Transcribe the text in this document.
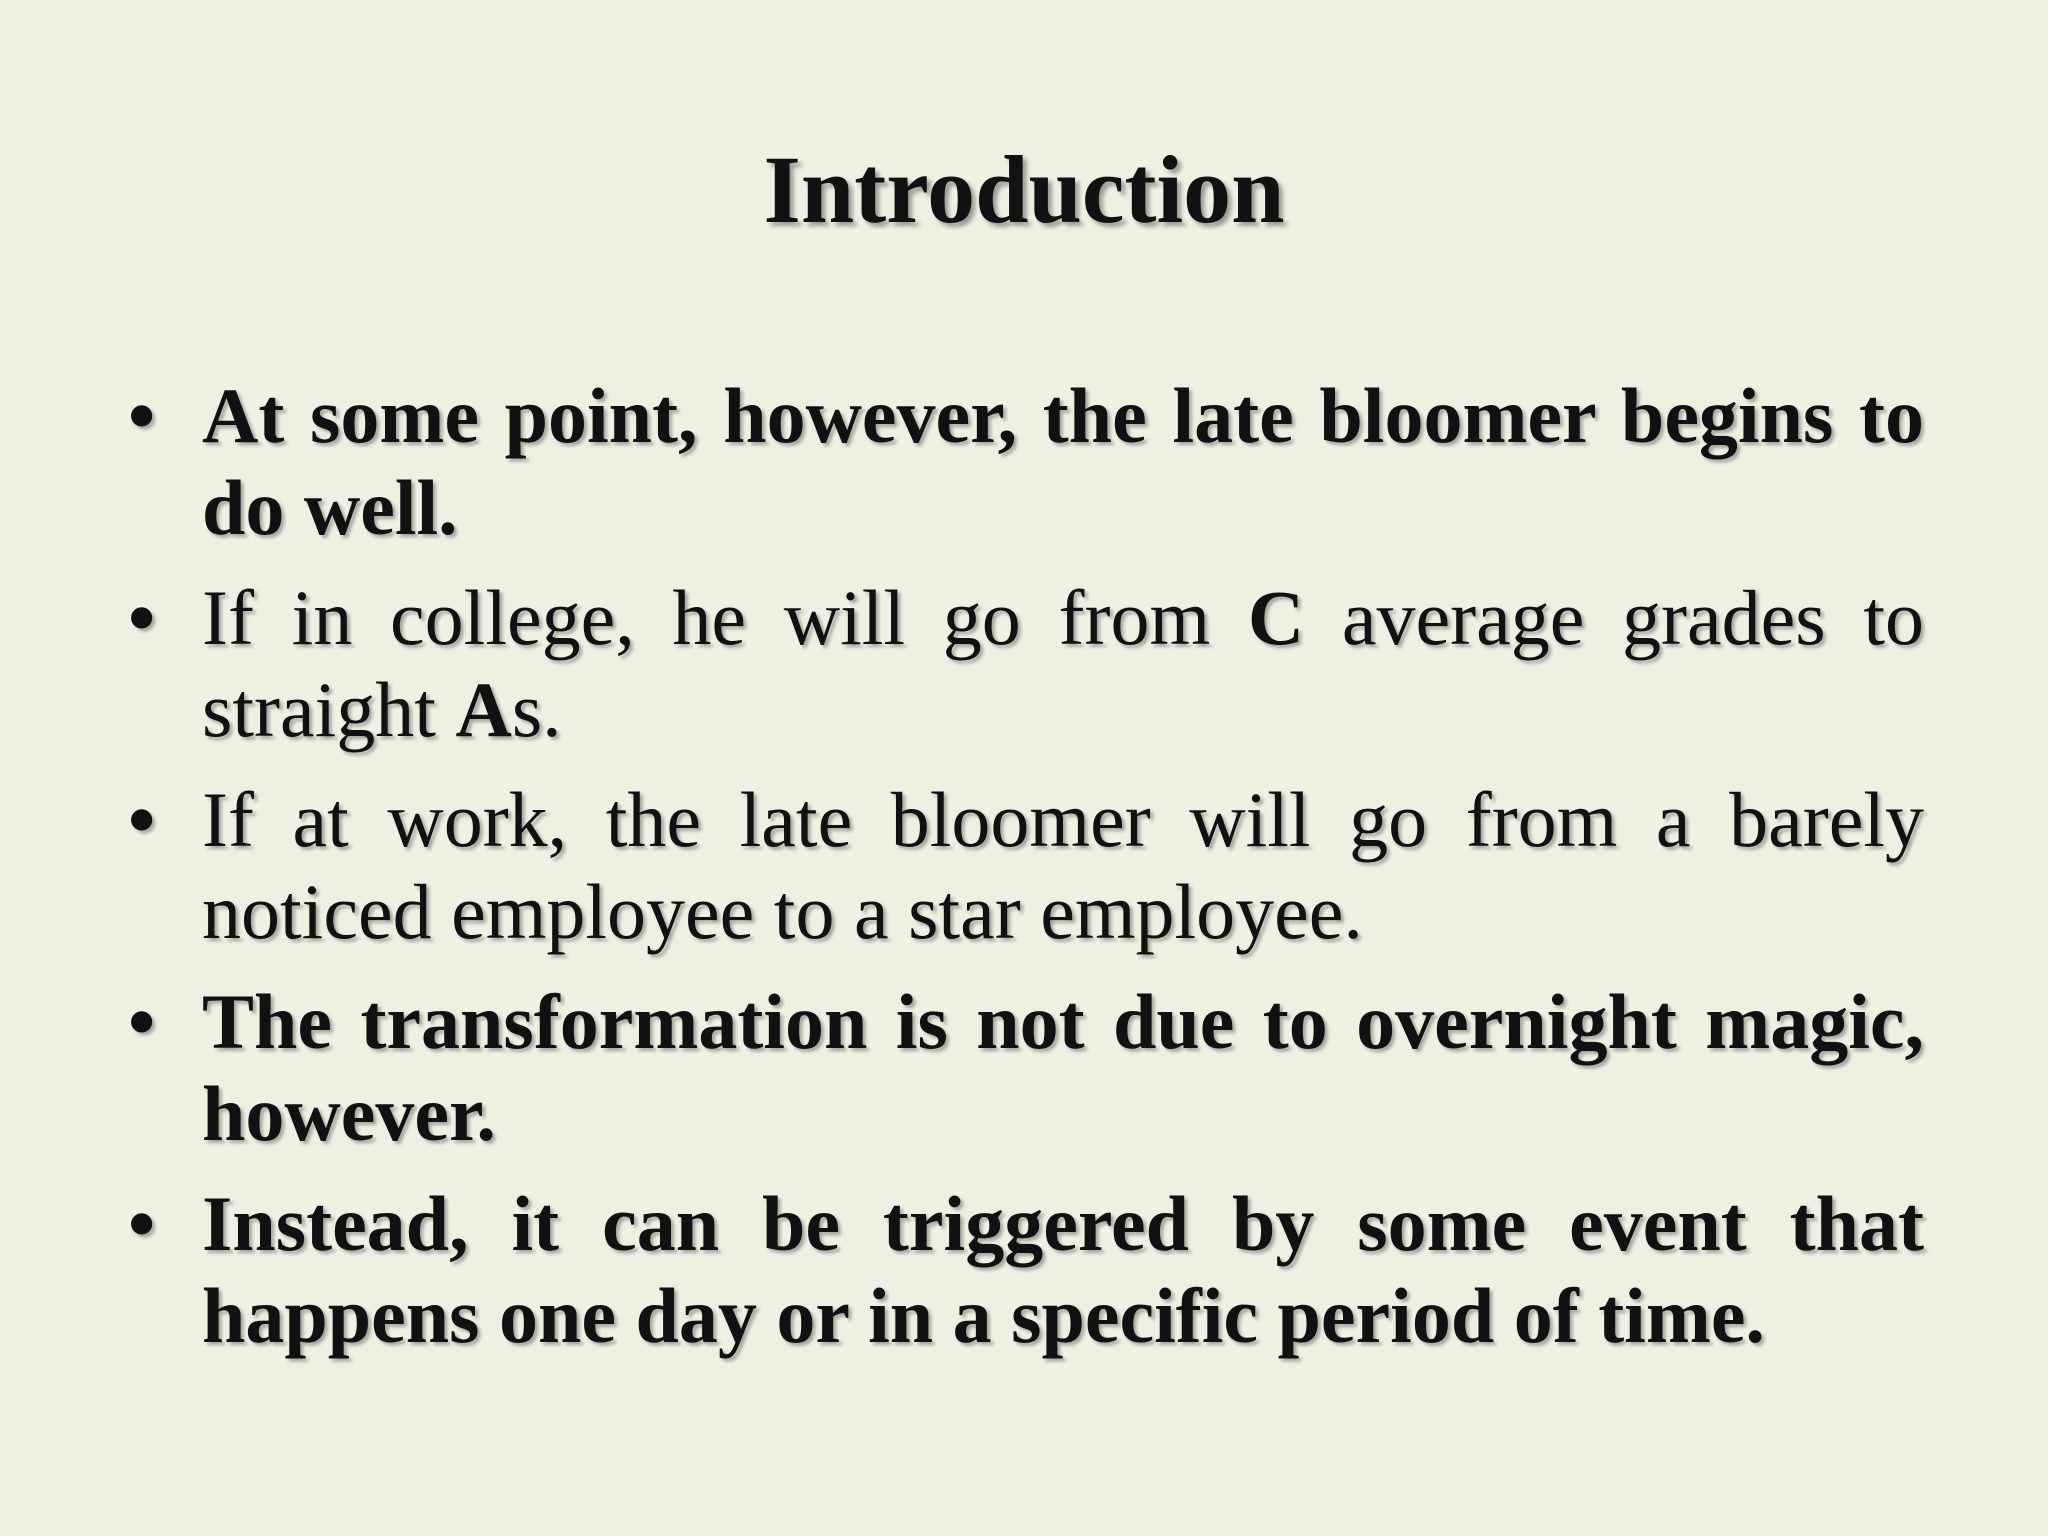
Introduction
• At some point, however, the late bloomer begins to do well.
• If in college, he will go from C average grades to straight As.
• If at work, the late bloomer will go from a barely noticed employee to a star employee.
• The transformation is not due to overnight magic, however.
• Instead, it can be triggered by some event that happens one day or in a specific period of time.
